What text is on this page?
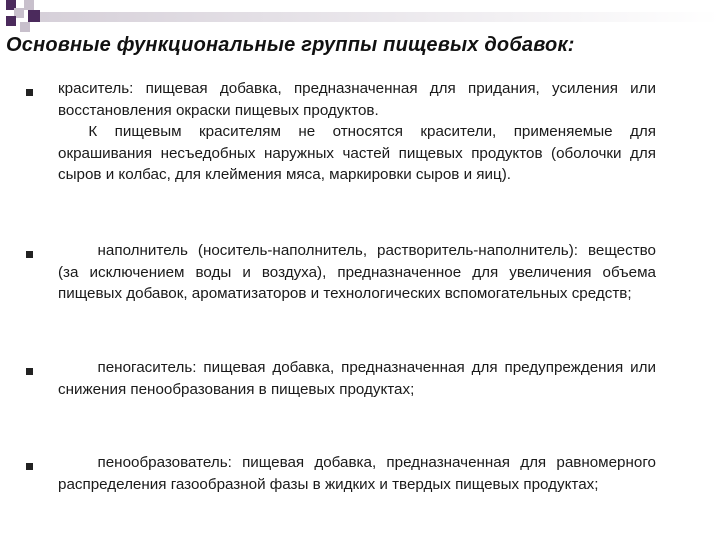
Основные функциональные группы пищевых добавок:

краситель: пищевая добавка, предназначенная для придания, усиления или восстановления окраски пищевых продуктов.

К пищевым красителям не относятся красители, применяемые для окрашивания несъедобных наружных частей пищевых продуктов (оболочки для сыров и колбас, для клеймения мяса, маркировки сыров и яиц).

наполнитель (носитель-наполнитель, растворитель-наполнитель): вещество (за исключением воды и воздуха), предназначенное для увеличения объема пищевых добавок, ароматизаторов и технологических вспомогательных средств;

пеногаситель: пищевая добавка, предназначенная для предупреждения или снижения пенообразования в пищевых продуктах;

пенообразователь: пищевая добавка, предназначенная для равномерного распределения газообразной фазы в жидких и твердых пищевых продуктах;
